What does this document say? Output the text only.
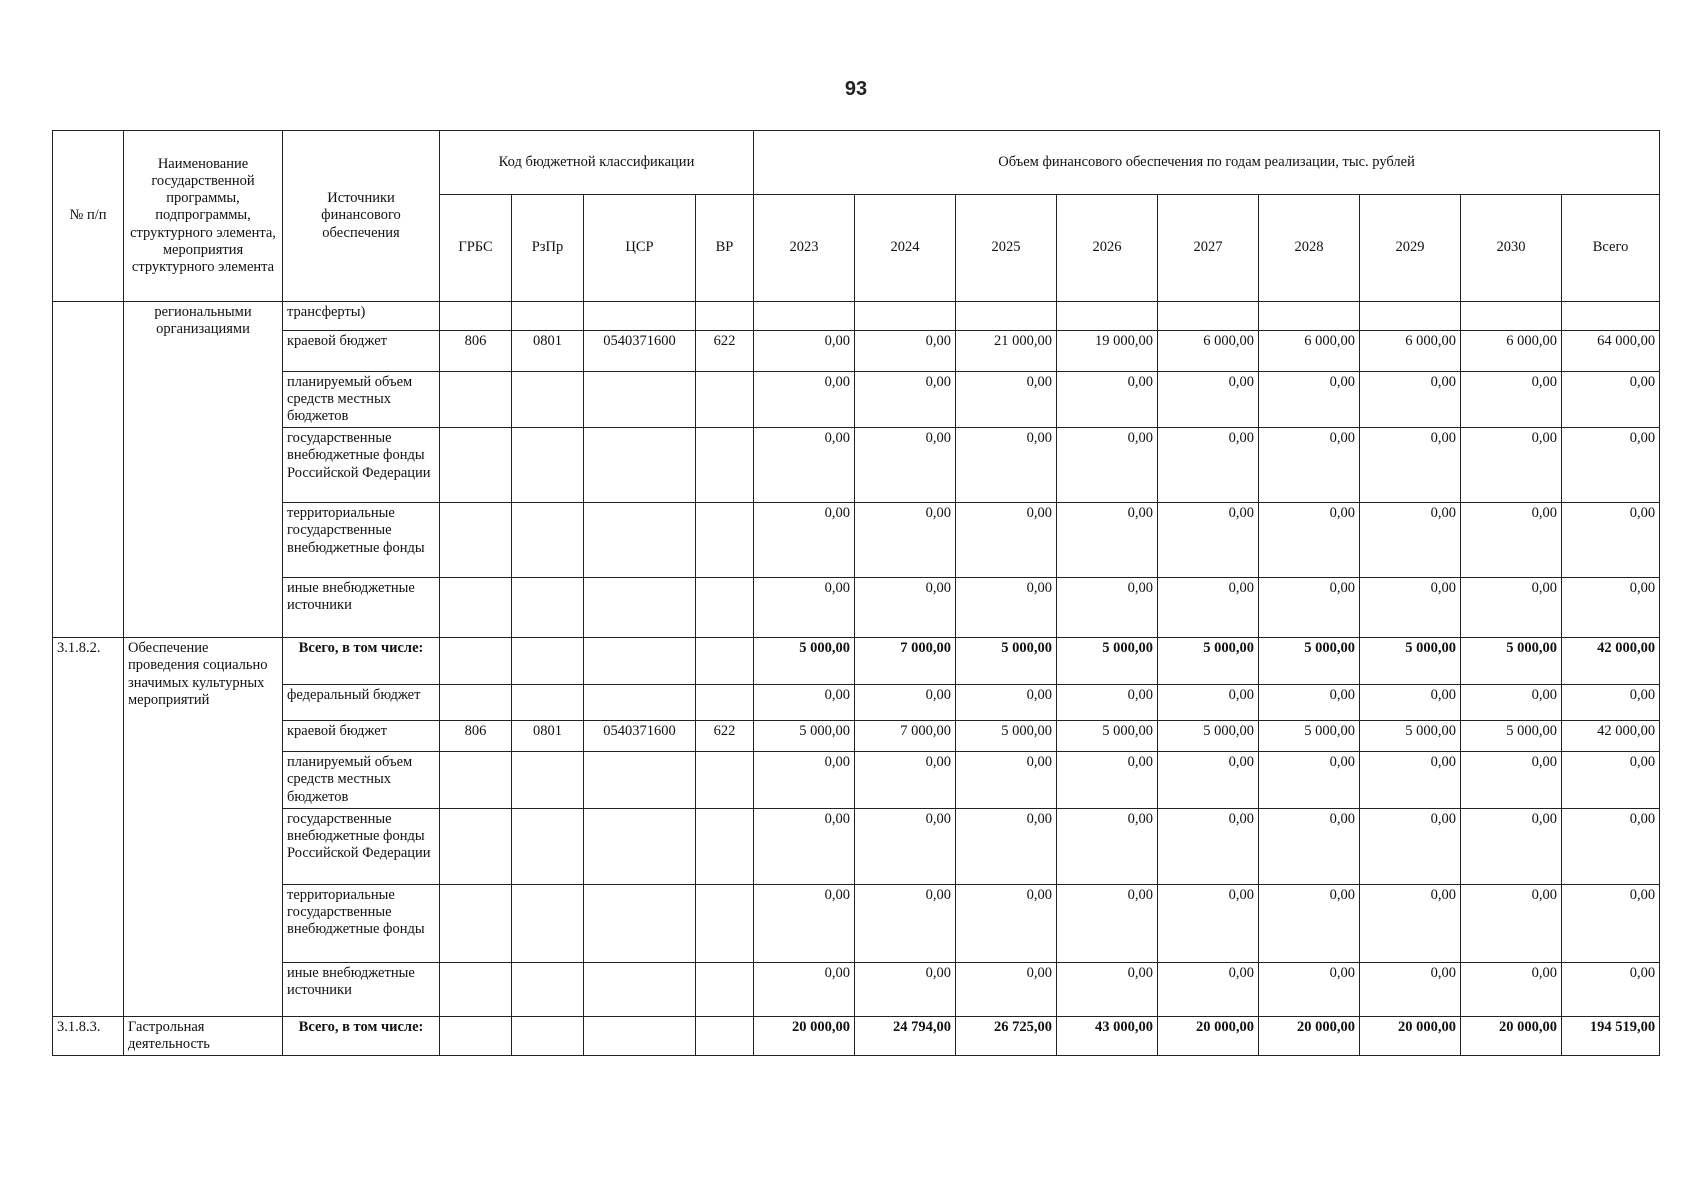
93
№ п/п	Наименование государственной программы, подпрограммы, структурного элемента, мероприятия структурного элемента	Источники финансового обеспечения	Код бюджетной классификации				Объем финансового обеспечения по годам реализации, тыс. рублей								
			ГРБС	РзПр	ЦСР	ВР	2023	2024	2025	2026	2027	2028	2029	2030	Всего
	региональными организациями	трансферты)													
		краевой бюджет	806	0801	0540371600	622	0,00	0,00	21 000,00	19 000,00	6 000,00	6 000,00	6 000,00	6 000,00	64 000,00
		планируемый объем средств местных бюджетов					0,00	0,00	0,00	0,00	0,00	0,00	0,00	0,00	0,00
		государственные внебюджетные фонды Российской Федерации					0,00	0,00	0,00	0,00	0,00	0,00	0,00	0,00	0,00
		территориальные государственные внебюджетные фонды					0,00	0,00	0,00	0,00	0,00	0,00	0,00	0,00	0,00
		иные внебюджетные источники					0,00	0,00	0,00	0,00	0,00	0,00	0,00	0,00	0,00
3.1.8.2.	Обеспечение проведения социально значимых культурных мероприятий	Всего, в том числе:					5 000,00	7 000,00	5 000,00	5 000,00	5 000,00	5 000,00	5 000,00	5 000,00	42 000,00
		федеральный бюджет					0,00	0,00	0,00	0,00	0,00	0,00	0,00	0,00	0,00
		краевой бюджет	806	0801	0540371600	622	5 000,00	7 000,00	5 000,00	5 000,00	5 000,00	5 000,00	5 000,00	5 000,00	42 000,00
		планируемый объем средств местных бюджетов					0,00	0,00	0,00	0,00	0,00	0,00	0,00	0,00	0,00
		государственные внебюджетные фонды Российской Федерации					0,00	0,00	0,00	0,00	0,00	0,00	0,00	0,00	0,00
		территориальные государственные внебюджетные фонды					0,00	0,00	0,00	0,00	0,00	0,00	0,00	0,00	0,00
		иные внебюджетные источники					0,00	0,00	0,00	0,00	0,00	0,00	0,00	0,00	0,00
3.1.8.3.	Гастрольная деятельность	Всего, в том числе:					20 000,00	24 794,00	26 725,00	43 000,00	20 000,00	20 000,00	20 000,00	20 000,00	194 519,00
